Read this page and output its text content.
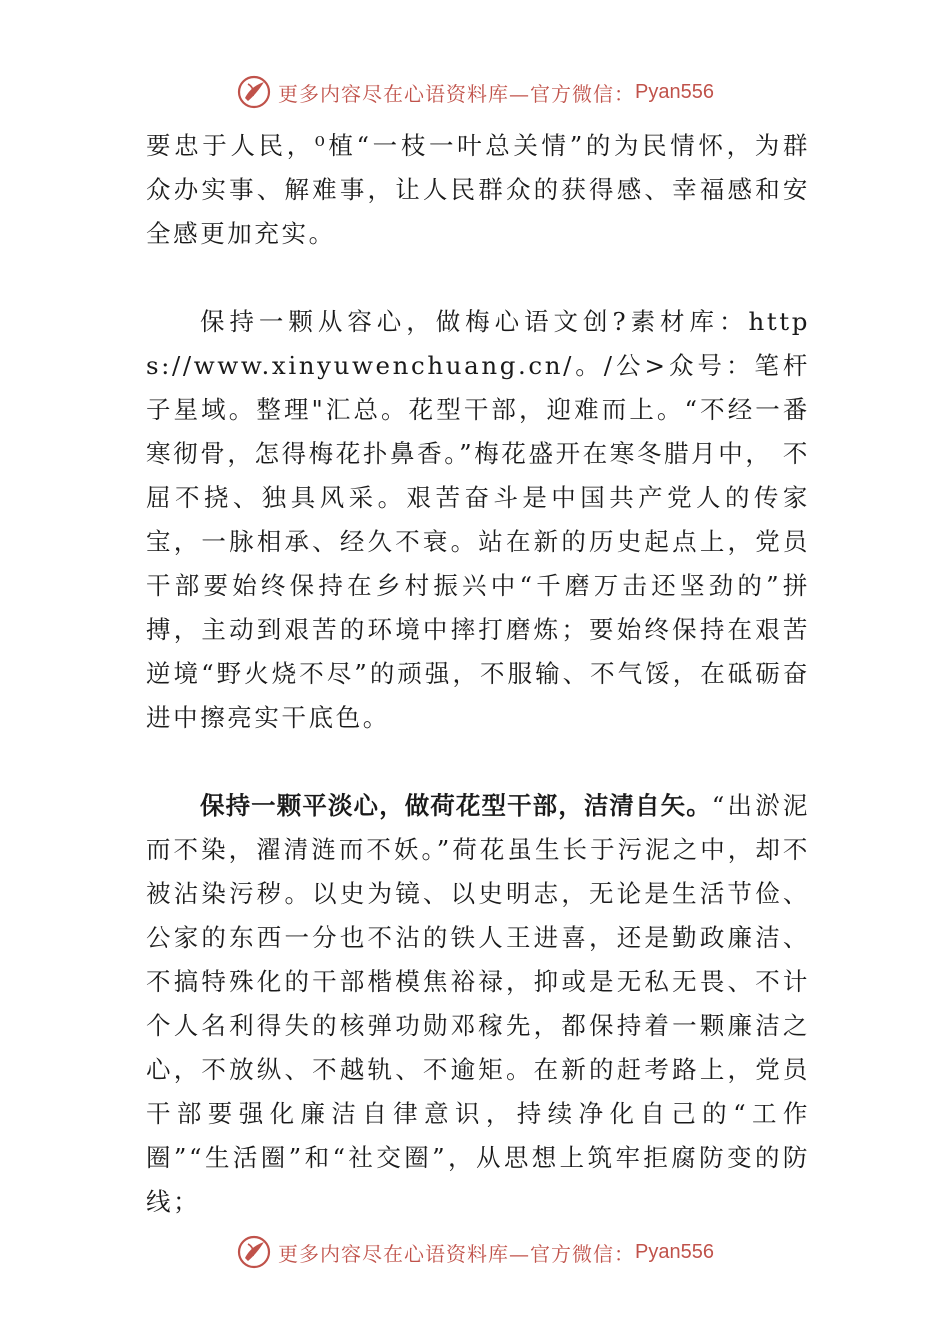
更多内容尽在心语资料库—官方微信： Pyan556

要忠于人民，⁰植“一枝一叶总关情”的为民情怀，为群众办实事、解难事，让人民群众的获得感、幸福感和安全感更加充实。

保持一颗从容心，做梅心语文创?素材库：https://www.xinyuwenchuang.cn/。/公>众号：笔杆子星域。整理"汇总。花型干部，迎难而上。“不经一番寒彻骨，怎得梅花扑鼻香。”梅花盛开在寒冬腊月中， 不屈不挠、独具风采。艰苦奋斗是中国共产党人的传家宝，一脉相承、经久不衰。站在新的历史起点上，党员干部要始终保持在乡村振兴中“千磨万击还坚劲的”拼搏，主动到艰苦的环境中摔打磨炼；要始终保持在艰苦逆境“野火烧不尽”的顽强，不服输、不气馁，在砥砺奋进中擦亮实干底色。

保持一颗平淡心，做荷花型干部，洁清自矢。“出淤泥而不染，濯清涟而不妖。”荷花虽生长于污泥之中，却不被沾染污秽。以史为镜、以史明志，无论是生活节俭、公家的东西一分也不沾的铁人王进喜，还是勤政廉洁、不搞特殊化的干部楷模焦裕禄，抑或是无私无畏、不计个人名利得失的核弹功勋邓稼先，都保持着一颗廉洁之心，不放纵、不越轨、不逾矩。在新的赶考路上，党员干部要强化廉洁自律意识，持续净化自己的“工作圈”“生活圈”和“社交圈”，从思想上筑牢拒腐防变的防线；

更多内容尽在心语资料库—官方微信： Pyan556
